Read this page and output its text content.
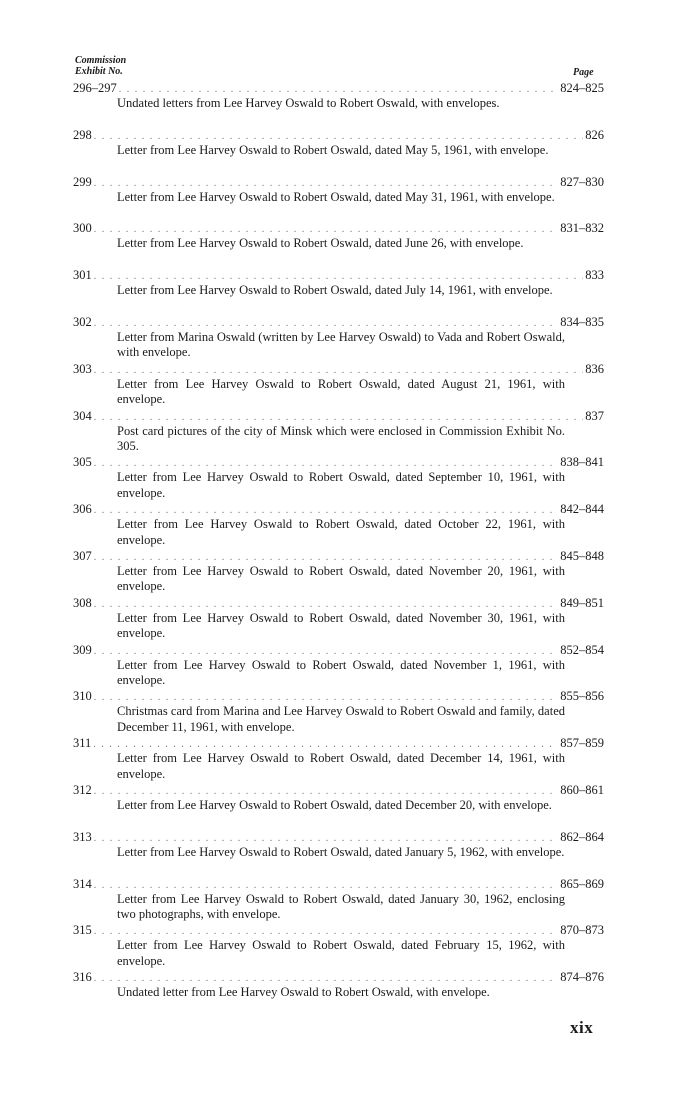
Commission
Exhibit No.	Page
296–297 . . .	824–825
Undated letters from Lee Harvey Oswald to Robert Oswald, with envelopes.
298 . . .	826
Letter from Lee Harvey Oswald to Robert Oswald, dated May 5, 1961, with envelope.
299 . . .	827–830
Letter from Lee Harvey Oswald to Robert Oswald, dated May 31, 1961, with envelope.
300 . . .	831–832
Letter from Lee Harvey Oswald to Robert Oswald, dated June 26, with envelope.
301 . . .	833
Letter from Lee Harvey Oswald to Robert Oswald, dated July 14, 1961, with envelope.
302 . . .	834–835
Letter from Marina Oswald (written by Lee Harvey Oswald) to Vada and Robert Oswald, with envelope.
303 . . .	836
Letter from Lee Harvey Oswald to Robert Oswald, dated August 21, 1961, with envelope.
304 . . .	837
Post card pictures of the city of Minsk which were enclosed in Commission Exhibit No. 305.
305 . . .	838–841
Letter from Lee Harvey Oswald to Robert Oswald, dated September 10, 1961, with envelope.
306 . . .	842–844
Letter from Lee Harvey Oswald to Robert Oswald, dated October 22, 1961, with envelope.
307 . . .	845–848
Letter from Lee Harvey Oswald to Robert Oswald, dated November 20, 1961, with envelope.
308 . . .	849–851
Letter from Lee Harvey Oswald to Robert Oswald, dated November 30, 1961, with envelope.
309 . . .	852–854
Letter from Lee Harvey Oswald to Robert Oswald, dated November 1, 1961, with envelope.
310 . . .	855–856
Christmas card from Marina and Lee Harvey Oswald to Robert Oswald and family, dated December 11, 1961, with envelope.
311 . . .	857–859
Letter from Lee Harvey Oswald to Robert Oswald, dated December 14, 1961, with envelope.
312 . . .	860–861
Letter from Lee Harvey Oswald to Robert Oswald, dated December 20, with envelope.
313 . . .	862–864
Letter from Lee Harvey Oswald to Robert Oswald, dated January 5, 1962, with envelope.
314 . . .	865–869
Letter from Lee Harvey Oswald to Robert Oswald, dated January 30, 1962, enclosing two photographs, with envelope.
315 . . .	870–873
Letter from Lee Harvey Oswald to Robert Oswald, dated February 15, 1962, with envelope.
316 . . .	874–876
Undated letter from Lee Harvey Oswald to Robert Oswald, with envelope.
xix
